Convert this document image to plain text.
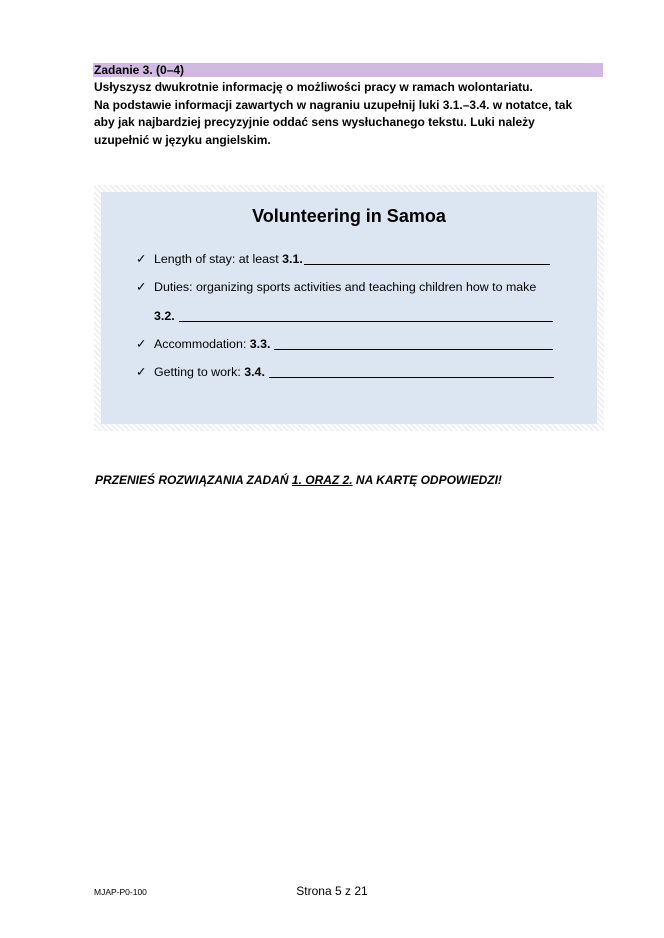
Zadanie 3. (0–4)

Usłyszysz dwukrotnie informację o możliwości pracy w ramach wolontariatu.

Na podstawie informacji zawartych w nagraniu uzupełnij luki 3.1.–3.4. w notatce, tak

aby jak najbardziej precyzyjnie oddać sens wysłuchanego tekstu. Luki należy

uzupełnić w języku angielskim.

Volunteering in Samoa
✓ Length of stay: at least 3.1.
✓ Duties: organizing sports activities and teaching children how to make
3.2.
✓ Accommodation: 3.3.
✓ Getting to work: 3.4.
PRZENIEŚ ROZWIĄZANIA ZADAŃ 1. ORAZ 2. NA KARTĘ ODPOWIEDZI!
MJAP-P0-100	Strona 5 z 21
